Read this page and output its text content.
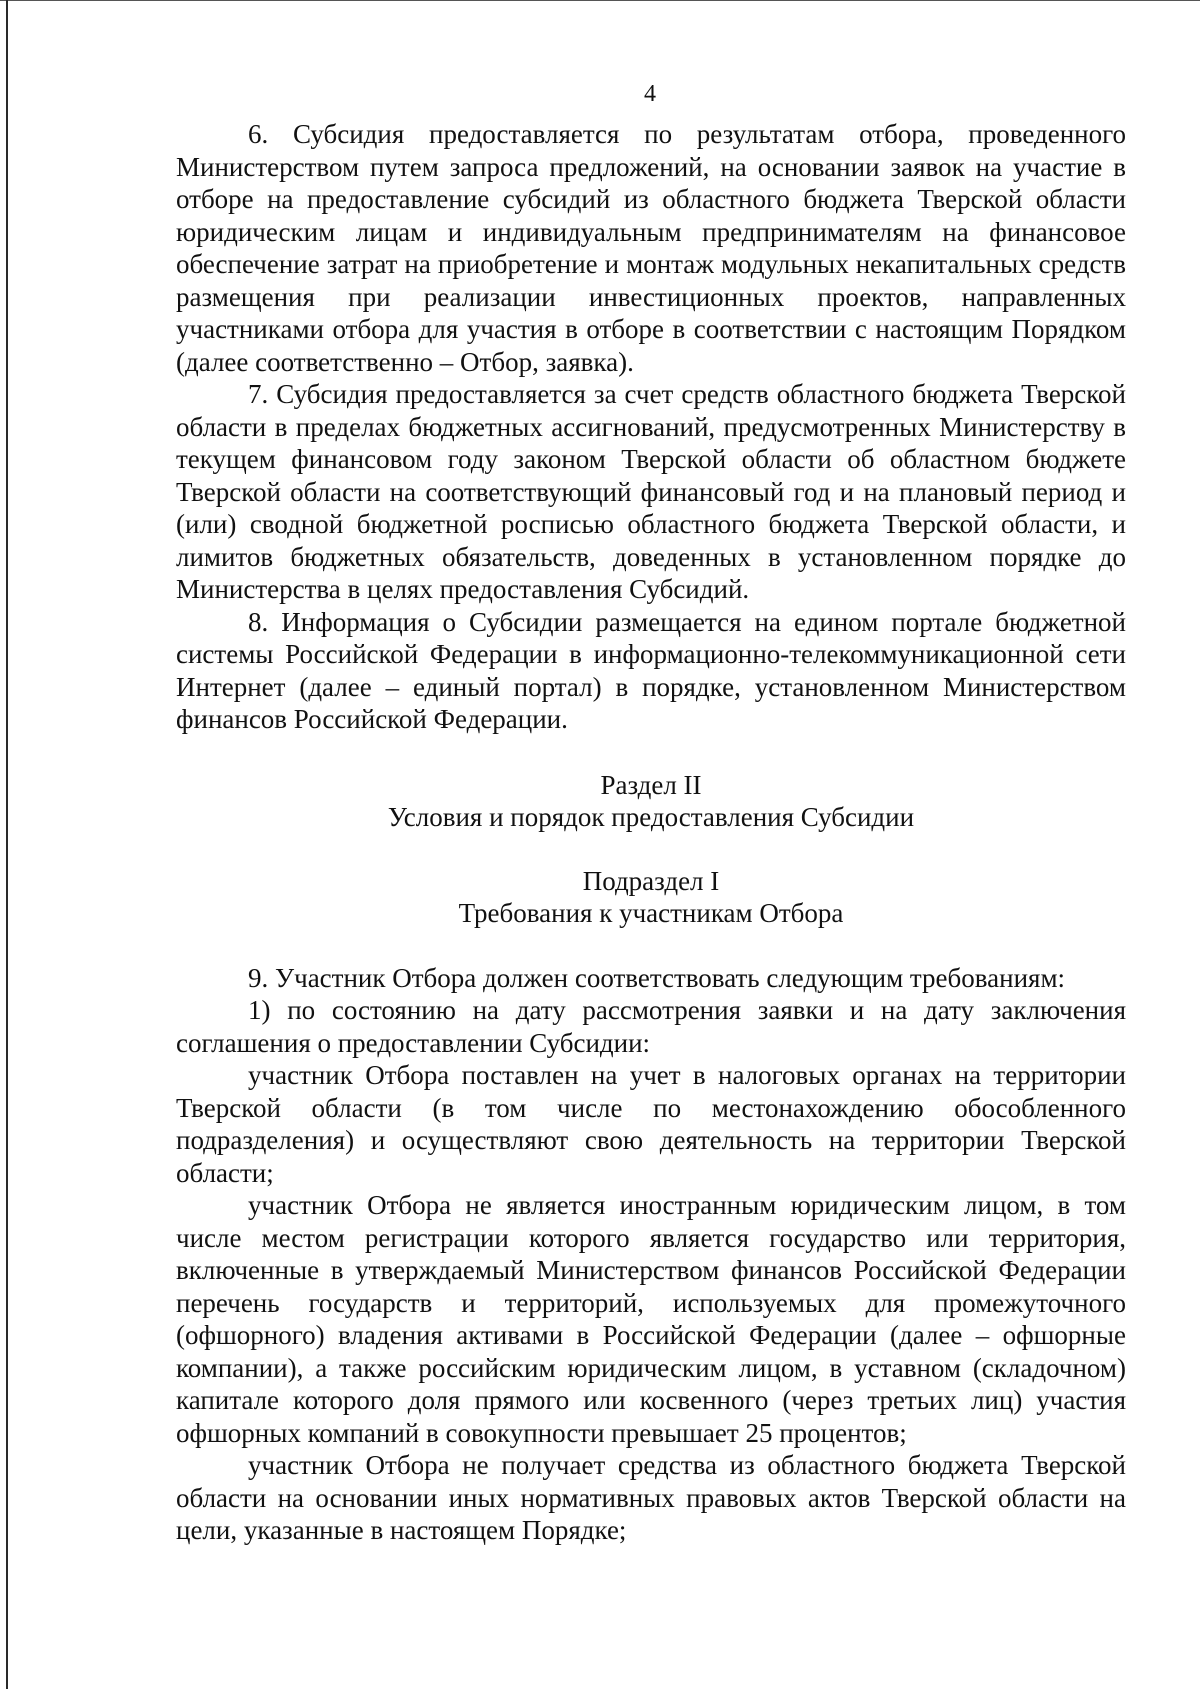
4

6. Субсидия предоставляется по результатам отбора, проведенного Министерством путем запроса предложений, на основании заявок на участие в отборе на предоставление субсидий из областного бюджета Тверской области юридическим лицам и индивидуальным предпринимателям на финансовое обеспечение затрат на приобретение и монтаж модульных некапитальных средств размещения при реализации инвестиционных проектов, направленных участниками отбора для участия в отборе в соответствии с настоящим Порядком (далее соответственно – Отбор, заявка).

7. Субсидия предоставляется за счет средств областного бюджета Тверской области в пределах бюджетных ассигнований, предусмотренных Министерству в текущем финансовом году законом Тверской области об областном бюджете Тверской области на соответствующий финансовый год и на плановый период и (или) сводной бюджетной росписью областного бюджета Тверской области, и лимитов бюджетных обязательств, доведенных в установленном порядке до Министерства в целях предоставления Субсидий.

8. Информация о Субсидии размещается на едином портале бюджетной системы Российской Федерации в информационно-телекоммуникационной сети Интернет (далее – единый портал) в порядке, установленном Министерством финансов Российской Федерации.

Раздел II

Условия и порядок предоставления Субсидии

Подраздел I

Требования к участникам Отбора

9. Участник Отбора должен соответствовать следующим требованиям:

1) по состоянию на дату рассмотрения заявки и на дату заключения соглашения о предоставлении Субсидии:

участник Отбора поставлен на учет в налоговых органах на территории Тверской области (в том числе по местонахождению обособленного подразделения) и осуществляют свою деятельность на территории Тверской области;

участник Отбора не является иностранным юридическим лицом, в том числе местом регистрации которого является государство или территория, включенные в утверждаемый Министерством финансов Российской Федерации перечень государств и территорий, используемых для промежуточного (офшорного) владения активами в Российской Федерации (далее – офшорные компании), а также российским юридическим лицом, в уставном (складочном) капитале которого доля прямого или косвенного (через третьих лиц) участия офшорных компаний в совокупности превышает 25 процентов;

участник Отбора не получает средства из областного бюджета Тверской области на основании иных нормативных правовых актов Тверской области на цели, указанные в настоящем Порядке;
